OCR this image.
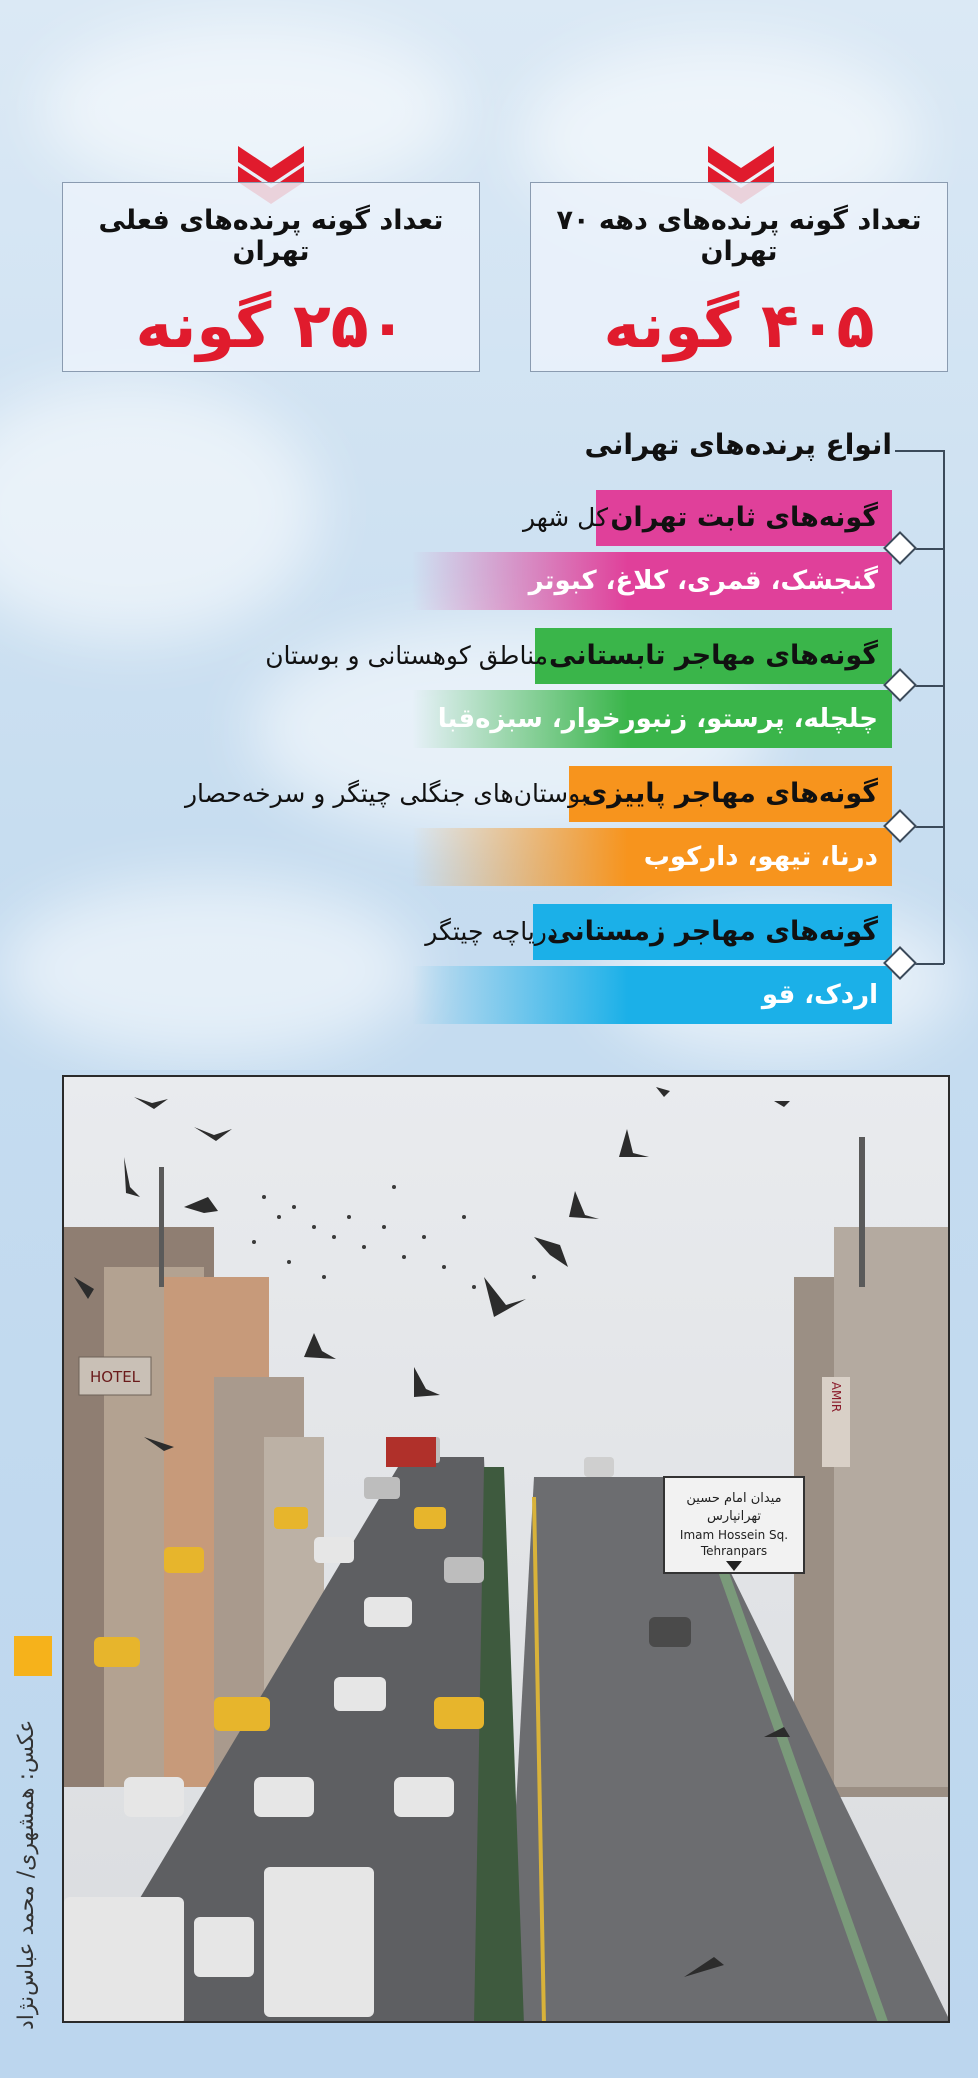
تعداد گونه پرنده‌های فعلی تهران
۲۵۰ گونه
تعداد گونه پرنده‌های دهه ۷۰ تهران
۴۰۵ گونه
انواع پرنده‌های تهرانی
گونه‌های ثابت تهران
کل شهر
گنجشک، قمری، کلاغ، کبوتر
گونه‌های مهاجر تابستانی
مناطق کوهستانی و بوستان
چلچله، پرستو، زنبورخوار، سبزه‌قبا
گونه‌های مهاجر پاییزی
بوستان‌های جنگلی چیتگر و سرخه‌حصار
درنا، تیهو، دارکوب
گونه‌های مهاجر زمستانی
دریاچه چیتگر
اردک، قو
HOTEL
AMIR
میدان امام حسین
تهرانپارس
Imam Hossein Sq.
Tehranpars
عکس: همشهری/ محمد عباس‌نژاد
